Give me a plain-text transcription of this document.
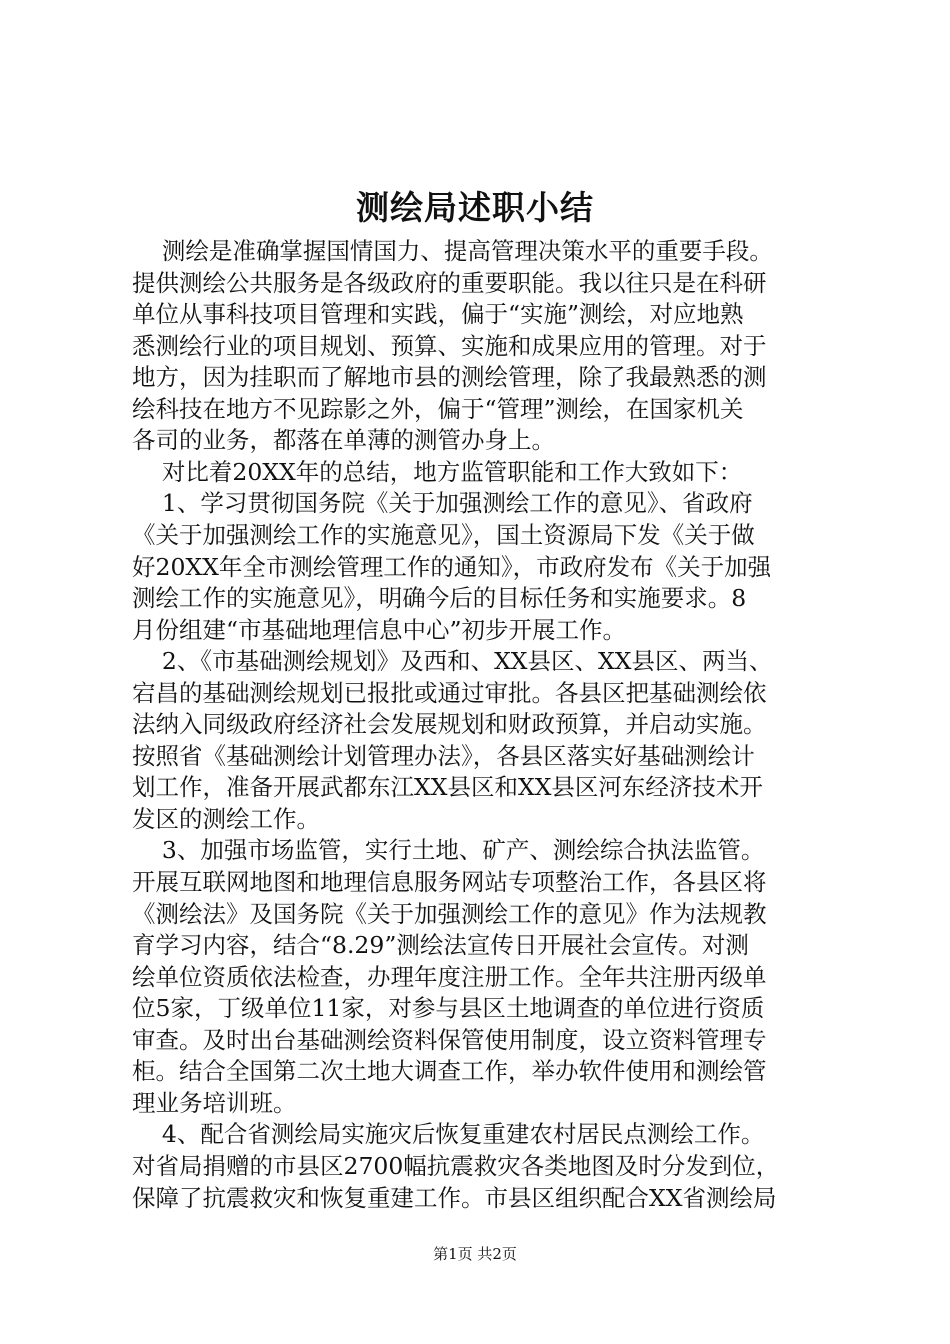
测绘局述职小结

测绘是准确掌握国情国力、提高管理决策水平的重要手段。

提供测绘公共服务是各级政府的重要职能。我以往只是在科研

单位从事科技项目管理和实践，偏于“实施”测绘，对应地熟

悉测绘行业的项目规划、预算、实施和成果应用的管理。对于

地方，因为挂职而了解地市县的测绘管理，除了我最熟悉的测

绘科技在地方不见踪影之外，偏于“管理”测绘，在国家机关

各司的业务，都落在单薄的测管办身上。

对比着20XX年的总结，地方监管职能和工作大致如下：

1、学习贯彻国务院《关于加强测绘工作的意见》、省政府

《关于加强测绘工作的实施意见》，国土资源局下发《关于做

好20XX年全市测绘管理工作的通知》，市政府发布《关于加强

测绘工作的实施意见》，明确今后的目标任务和实施要求。8

月份组建“市基础地理信息中心”初步开展工作。

2、《市基础测绘规划》及西和、XX县区、XX县区、两当、

宕昌的基础测绘规划已报批或通过审批。各县区把基础测绘依

法纳入同级政府经济社会发展规划和财政预算，并启动实施。

按照省《基础测绘计划管理办法》，各县区落实好基础测绘计

划工作，准备开展武都东江XX县区和XX县区河东经济技术开

发区的测绘工作。

3、加强市场监管，实行土地、矿产、测绘综合执法监管。

开展互联网地图和地理信息服务网站专项整治工作，各县区将

《测绘法》及国务院《关于加强测绘工作的意见》作为法规教

育学习内容，结合“8.29”测绘法宣传日开展社会宣传。对测

绘单位资质依法检查，办理年度注册工作。全年共注册丙级单

位5家，丁级单位11家，对参与县区土地调查的单位进行资质

审查。及时出台基础测绘资料保管使用制度，设立资料管理专

柜。结合全国第二次土地大调查工作，举办软件使用和测绘管

理业务培训班。

4、配合省测绘局实施灾后恢复重建农村居民点测绘工作。

对省局捐赠的市县区2700幅抗震救灾各类地图及时分发到位，

保障了抗震救灾和恢复重建工作。市县区组织配合XX省测绘局

第1页 共2页
